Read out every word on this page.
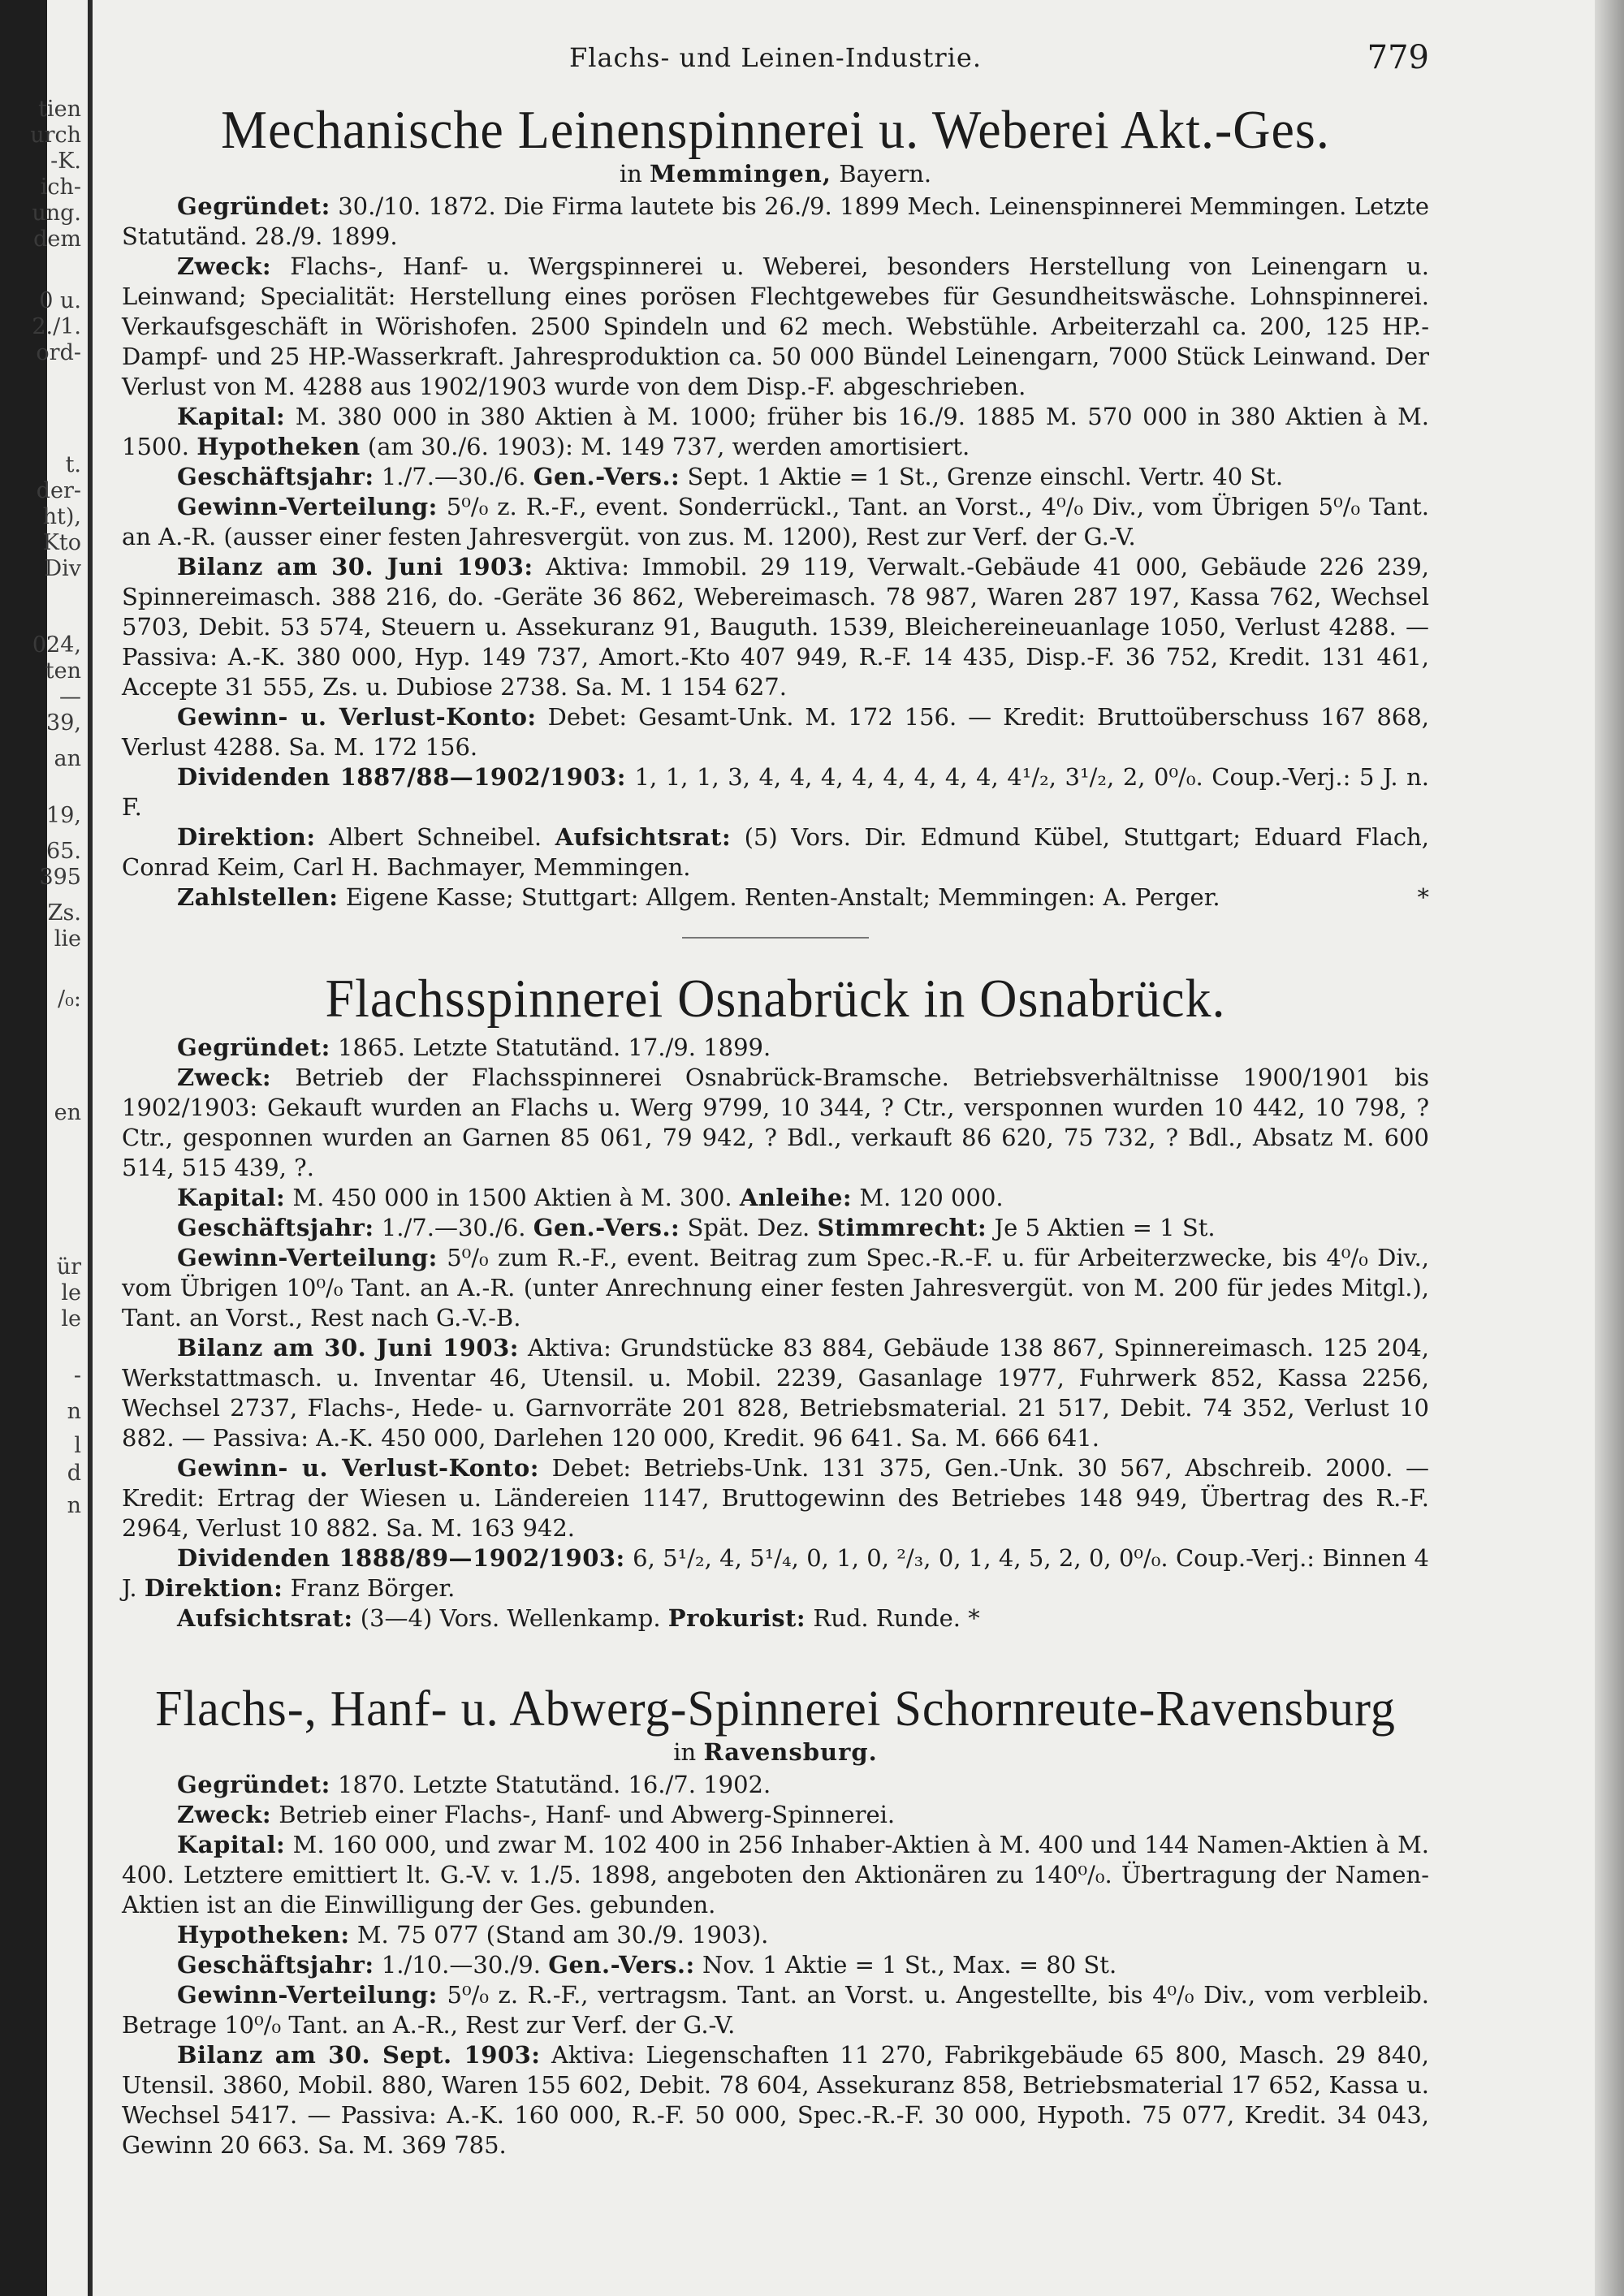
tien
urch
-K.
ich-
ung.
dem
0 u.
2./1.
ord-
t.
der-
ht),
Kto
Div
024,
ten
—
39,
an
19,
65.
395
Zs.
lie
/₀:
en
ür
le
le
-
n
l
d
n
Flachs- und Leinen-Industrie.	779
Mechanische Leinenspinnerei u. Weberei Akt.-Ges.
in Memmingen, Bayern.

Gegründet: 30./10. 1872. Die Firma lautete bis 26./9. 1899 Mech. Leinenspinnerei Memmingen. Letzte Statutänd. 28./9. 1899.

Zweck: Flachs-, Hanf- u. Wergspinnerei u. Weberei, besonders Herstellung von Leinengarn u. Leinwand; Specialität: Herstellung eines porösen Flechtgewebes für Gesundheitswäsche. Lohnspinnerei. Verkaufsgeschäft in Wörishofen. 2500 Spindeln und 62 mech. Webstühle. Arbeiterzahl ca. 200, 125 HP.-Dampf- und 25 HP.-Wasserkraft. Jahresproduktion ca. 50 000 Bündel Leinengarn, 7000 Stück Leinwand. Der Verlust von M. 4288 aus 1902/1903 wurde von dem Disp.-F. abgeschrieben.

Kapital: M. 380 000 in 380 Aktien à M. 1000; früher bis 16./9. 1885 M. 570 000 in 380 Aktien à M. 1500. Hypotheken (am 30./6. 1903): M. 149 737, werden amortisiert.

Geschäftsjahr: 1./7.—30./6. Gen.-Vers.: Sept. 1 Aktie = 1 St., Grenze einschl. Vertr. 40 St.

Gewinn-Verteilung: 5⁰/₀ z. R.-F., event. Sonderrückl., Tant. an Vorst., 4⁰/₀ Div., vom Übrigen 5⁰/₀ Tant. an A.-R. (ausser einer festen Jahresvergüt. von zus. M. 1200), Rest zur Verf. der G.-V.

Bilanz am 30. Juni 1903: Aktiva: Immobil. 29 119, Verwalt.-Gebäude 41 000, Gebäude 226 239, Spinnereimasch. 388 216, do. -Geräte 36 862, Webereimasch. 78 987, Waren 287 197, Kassa 762, Wechsel 5703, Debit. 53 574, Steuern u. Assekuranz 91, Bauguth. 1539, Bleichereineuanlage 1050, Verlust 4288. — Passiva: A.-K. 380 000, Hyp. 149 737, Amort.-Kto 407 949, R.-F. 14 435, Disp.-F. 36 752, Kredit. 131 461, Accepte 31 555, Zs. u. Dubiose 2738. Sa. M. 1 154 627.

Gewinn- u. Verlust-Konto: Debet: Gesamt-Unk. M. 172 156. — Kredit: Bruttoüberschuss 167 868, Verlust 4288. Sa. M. 172 156.

Dividenden 1887/88—1902/1903: 1, 1, 1, 3, 4, 4, 4, 4, 4, 4, 4, 4, 4¹/₂, 3¹/₂, 2, 0⁰/₀. Coup.-Verj.: 5 J. n. F.

Direktion: Albert Schneibel. Aufsichtsrat: (5) Vors. Dir. Edmund Kübel, Stuttgart; Eduard Flach, Conrad Keim, Carl H. Bachmayer, Memmingen.

Zahlstellen: Eigene Kasse; Stuttgart: Allgem. Renten-Anstalt; Memmingen: A. Perger.	*

Flachsspinnerei Osnabrück in Osnabrück.

Gegründet: 1865. Letzte Statutänd. 17./9. 1899.

Zweck: Betrieb der Flachsspinnerei Osnabrück-Bramsche. Betriebsverhältnisse 1900/1901 bis 1902/1903: Gekauft wurden an Flachs u. Werg 9799, 10 344, ? Ctr., versponnen wurden 10 442, 10 798, ? Ctr., gesponnen wurden an Garnen 85 061, 79 942, ? Bdl., verkauft 86 620, 75 732, ? Bdl., Absatz M. 600 514, 515 439, ?.

Kapital: M. 450 000 in 1500 Aktien à M. 300. Anleihe: M. 120 000.

Geschäftsjahr: 1./7.—30./6. Gen.-Vers.: Spät. Dez. Stimmrecht: Je 5 Aktien = 1 St.

Gewinn-Verteilung: 5⁰/₀ zum R.-F., event. Beitrag zum Spec.-R.-F. u. für Arbeiterzwecke, bis 4⁰/₀ Div., vom Übrigen 10⁰/₀ Tant. an A.-R. (unter Anrechnung einer festen Jahresvergüt. von M. 200 für jedes Mitgl.), Tant. an Vorst., Rest nach G.-V.-B.

Bilanz am 30. Juni 1903: Aktiva: Grundstücke 83 884, Gebäude 138 867, Spinnereimasch. 125 204, Werkstattmasch. u. Inventar 46, Utensil. u. Mobil. 2239, Gasanlage 1977, Fuhrwerk 852, Kassa 2256, Wechsel 2737, Flachs-, Hede- u. Garnvorräte 201 828, Betriebsmaterial. 21 517, Debit. 74 352, Verlust 10 882. — Passiva: A.-K. 450 000, Darlehen 120 000, Kredit. 96 641. Sa. M. 666 641.

Gewinn- u. Verlust-Konto: Debet: Betriebs-Unk. 131 375, Gen.-Unk. 30 567, Abschreib. 2000. — Kredit: Ertrag der Wiesen u. Ländereien 1147, Bruttogewinn des Betriebes 148 949, Übertrag des R.-F. 2964, Verlust 10 882. Sa. M. 163 942.

Dividenden 1888/89—1902/1903: 6, 5¹/₂, 4, 5¹/₄, 0, 1, 0, ²/₃, 0, 1, 4, 5, 2, 0, 0⁰/₀. Coup.-Verj.: Binnen 4 J. Direktion: Franz Börger.

Aufsichtsrat: (3—4) Vors. Wellenkamp. Prokurist: Rud. Runde. *

Flachs-, Hanf- u. Abwerg-Spinnerei Schornreute-Ravensburg
in Ravensburg.

Gegründet: 1870. Letzte Statutänd. 16./7. 1902.

Zweck: Betrieb einer Flachs-, Hanf- und Abwerg-Spinnerei.

Kapital: M. 160 000, und zwar M. 102 400 in 256 Inhaber-Aktien à M. 400 und 144 Namen-Aktien à M. 400. Letztere emittiert lt. G.-V. v. 1./5. 1898, angeboten den Aktionären zu 140⁰/₀. Übertragung der Namen-Aktien ist an die Einwilligung der Ges. gebunden.

Hypotheken: M. 75 077 (Stand am 30./9. 1903).

Geschäftsjahr: 1./10.—30./9. Gen.-Vers.: Nov. 1 Aktie = 1 St., Max. = 80 St.

Gewinn-Verteilung: 5⁰/₀ z. R.-F., vertragsm. Tant. an Vorst. u. Angestellte, bis 4⁰/₀ Div., vom verbleib. Betrage 10⁰/₀ Tant. an A.-R., Rest zur Verf. der G.-V.

Bilanz am 30. Sept. 1903: Aktiva: Liegenschaften 11 270, Fabrikgebäude 65 800, Masch. 29 840, Utensil. 3860, Mobil. 880, Waren 155 602, Debit. 78 604, Assekuranz 858, Betriebsmaterial 17 652, Kassa u. Wechsel 5417. — Passiva: A.-K. 160 000, R.-F. 50 000, Spec.-R.-F. 30 000, Hypoth. 75 077, Kredit. 34 043, Gewinn 20 663. Sa. M. 369 785.
